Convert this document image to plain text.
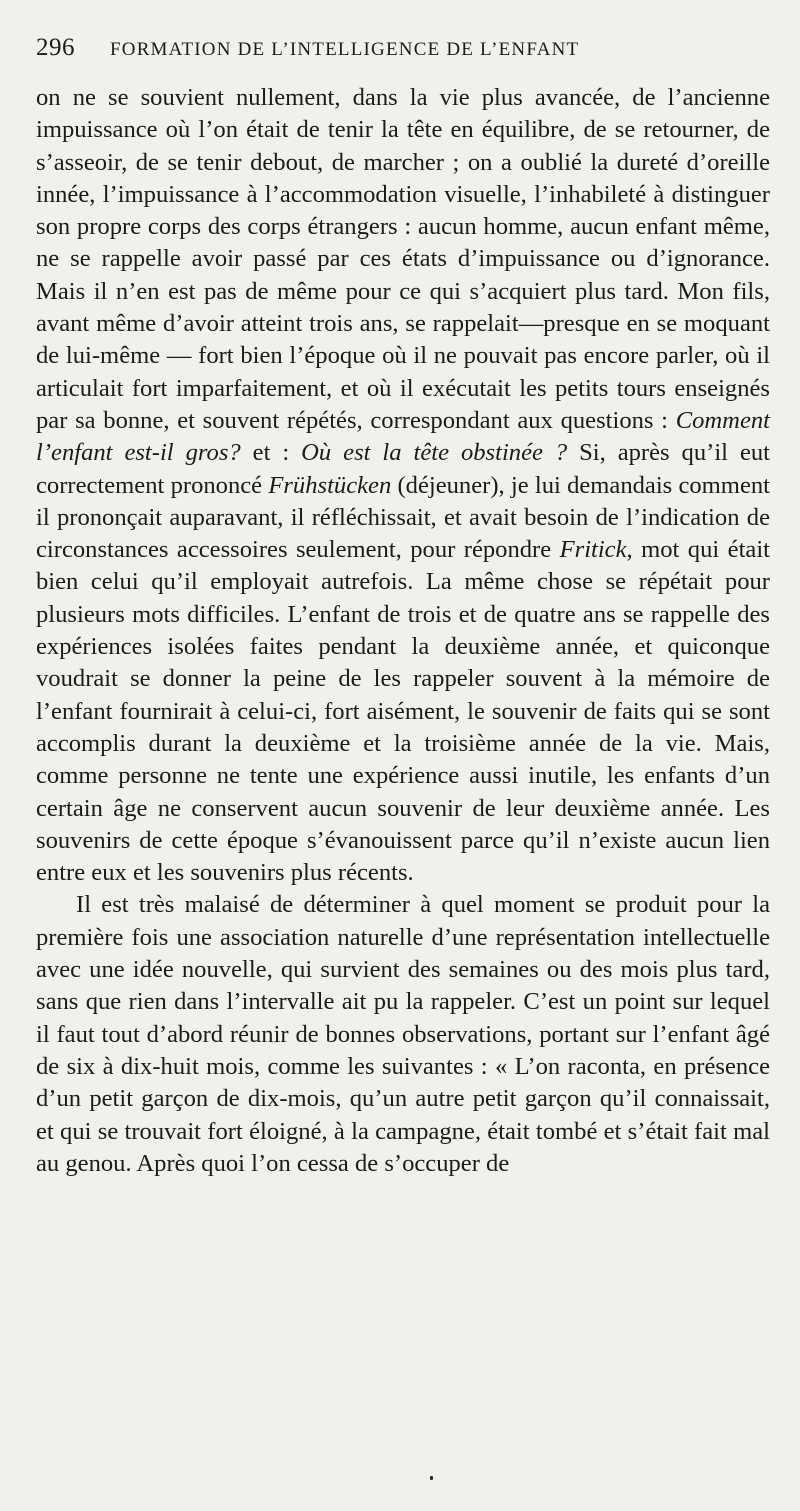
296	FORMATION DE L’INTELLIGENCE DE L’ENFANT

on ne se souvient nullement, dans la vie plus avancée, de l’ancienne impuissance où l’on était de tenir la tête en équilibre, de se retourner, de s’asseoir, de se tenir debout, de marcher ; on a oublié la dureté d’oreille innée, l’impuissance à l’accommodation visuelle, l’inhabileté à distinguer son propre corps des corps étrangers : aucun homme, aucun enfant même, ne se rappelle avoir passé par ces états d’impuissance ou d’ignorance. Mais il n’en est pas de même pour ce qui s’acquiert plus tard. Mon fils, avant même d’avoir atteint trois ans, se rappelait—presque en se moquant de lui-même — fort bien l’époque où il ne pouvait pas encore parler, où il articulait fort imparfaitement, et où il exécutait les petits tours enseignés par sa bonne, et souvent répétés, correspondant aux questions : Comment l’enfant est-il gros? et : Où est la tête obstinée ? Si, après qu’il eut correctement prononcé Frühstücken (déjeuner), je lui demandais comment il prononçait auparavant, il réfléchissait, et avait besoin de l’indication de circonstances accessoires seulement, pour répondre Fritick, mot qui était bien celui qu’il employait autrefois. La même chose se répétait pour plusieurs mots difficiles. L’enfant de trois et de quatre ans se rappelle des expériences isolées faites pendant la deuxième année, et quiconque voudrait se donner la peine de les rappeler souvent à la mémoire de l’enfant fournirait à celui-ci, fort aisément, le souvenir de faits qui se sont accomplis durant la deuxième et la troisième année de la vie. Mais, comme personne ne tente une expérience aussi inutile, les enfants d’un certain âge ne conservent aucun souvenir de leur deuxième année. Les souvenirs de cette époque s’évanouissent parce qu’il n’existe aucun lien entre eux et les souvenirs plus récents.

Il est très malaisé de déterminer à quel moment se produit pour la première fois une association naturelle d’une représentation intellectuelle avec une idée nouvelle, qui survient des semaines ou des mois plus tard, sans que rien dans l’intervalle ait pu la rappeler. C’est un point sur lequel il faut tout d’abord réunir de bonnes observations, portant sur l’enfant âgé de six à dix-huit mois, comme les suivantes : « L’on raconta, en présence d’un petit garçon de dix-mois, qu’un autre petit garçon qu’il connaissait, et qui se trouvait fort éloigné, à la campagne, était tombé et s’était fait mal au genou. Après quoi l’on cessa de s’occuper de
